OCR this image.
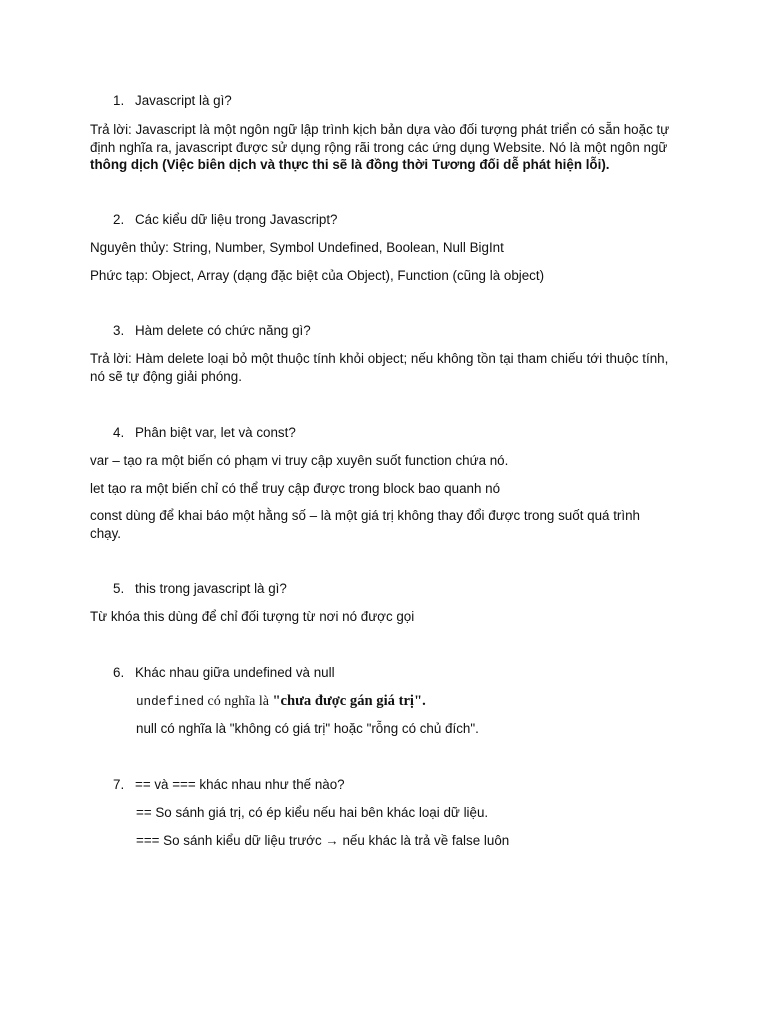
1. Javascript là gì?

Trả lời: Javascript là một ngôn ngữ lập trình kịch bản dựa vào đối tượng phát triển có sẵn hoặc tự định nghĩa ra, javascript được sử dụng rộng rãi trong các ứng dụng Website. Nó là một ngôn ngữ thông dịch (Việc biên dịch và thực thi sẽ là đồng thời Tương đối dễ phát hiện lỗi).

2. Các kiểu dữ liệu trong Javascript?

Nguyên thủy: String, Number, Symbol Undefined, Boolean, Null BigInt

Phức tạp: Object, Array (dạng đặc biệt của Object), Function (cũng là object)

3. Hàm delete có chức năng gì?

Trả lời: Hàm delete loại bỏ một thuộc tính khỏi object; nếu không tồn tại tham chiếu tới thuộc tính, nó sẽ tự động giải phóng.

4. Phân biệt var, let và const?

var – tạo ra một biến có phạm vi truy cập xuyên suốt function chứa nó.

let tạo ra một biến chỉ có thể truy cập được trong block bao quanh nó

const dùng để khai báo một hằng số – là một giá trị không thay đổi được trong suốt quá trình chạy.

5. this trong javascript là gì?

Từ khóa this dùng để chỉ đối tượng từ nơi nó được gọi

6. Khác nhau giữa undefined và null

undefined có nghĩa là "chưa được gán giá trị".

null có nghĩa là "không có giá trị" hoặc "rỗng có chủ đích".

7. == và === khác nhau như thế nào?

== So sánh giá trị, có ép kiểu nếu hai bên khác loại dữ liệu.

=== So sánh kiểu dữ liệu trước → nếu khác là trả về false luôn
